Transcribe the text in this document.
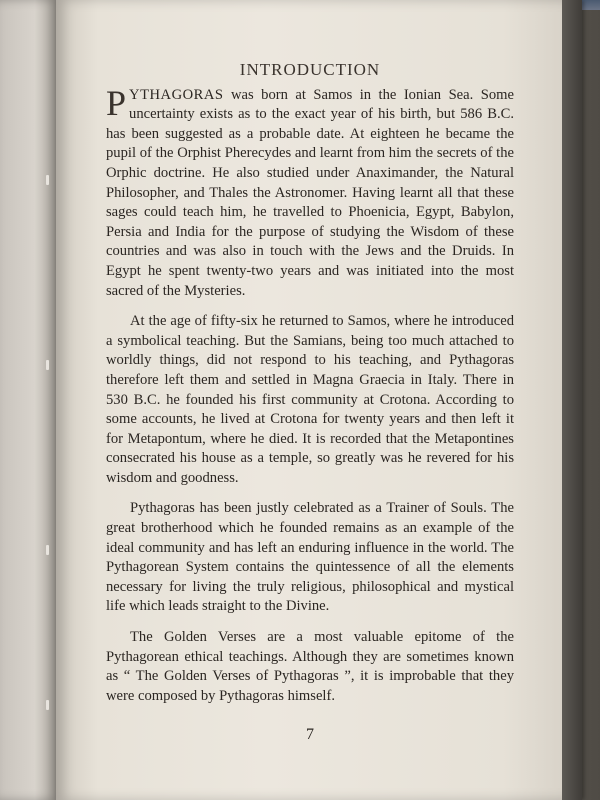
INTRODUCTION

PYTHAGORAS was born at Samos in the Ionian Sea. Some uncertainty exists as to the exact year of his birth, but 586 B.C. has been suggested as a probable date. At eighteen he became the pupil of the Orphist Pherecydes and learnt from him the secrets of the Orphic doctrine. He also studied under Anaximander, the Natural Philosopher, and Thales the Astronomer. Having learnt all that these sages could teach him, he travelled to Phoenicia, Egypt, Babylon, Persia and India for the purpose of studying the Wisdom of these countries and was also in touch with the Jews and the Druids. In Egypt he spent twenty-two years and was initiated into the most sacred of the Mysteries.

At the age of fifty-six he returned to Samos, where he introduced a symbolical teaching. But the Samians, being too much attached to worldly things, did not respond to his teaching, and Pythagoras therefore left them and settled in Magna Graecia in Italy. There in 530 B.C. he founded his first community at Crotona. According to some accounts, he lived at Crotona for twenty years and then left it for Metapontum, where he died. It is recorded that the Metapontines consecrated his house as a temple, so greatly was he revered for his wisdom and goodness.

Pythagoras has been justly celebrated as a Trainer of Souls. The great brotherhood which he founded remains as an example of the ideal community and has left an enduring influence in the world. The Pythagorean System contains the quintessence of all the elements necessary for living the truly religious, philosophical and mystical life which leads straight to the Divine.

The Golden Verses are a most valuable epitome of the Pythagorean ethical teachings. Although they are sometimes known as “ The Golden Verses of Pythagoras ”, it is improbable that they were composed by Pythagoras himself.

7
